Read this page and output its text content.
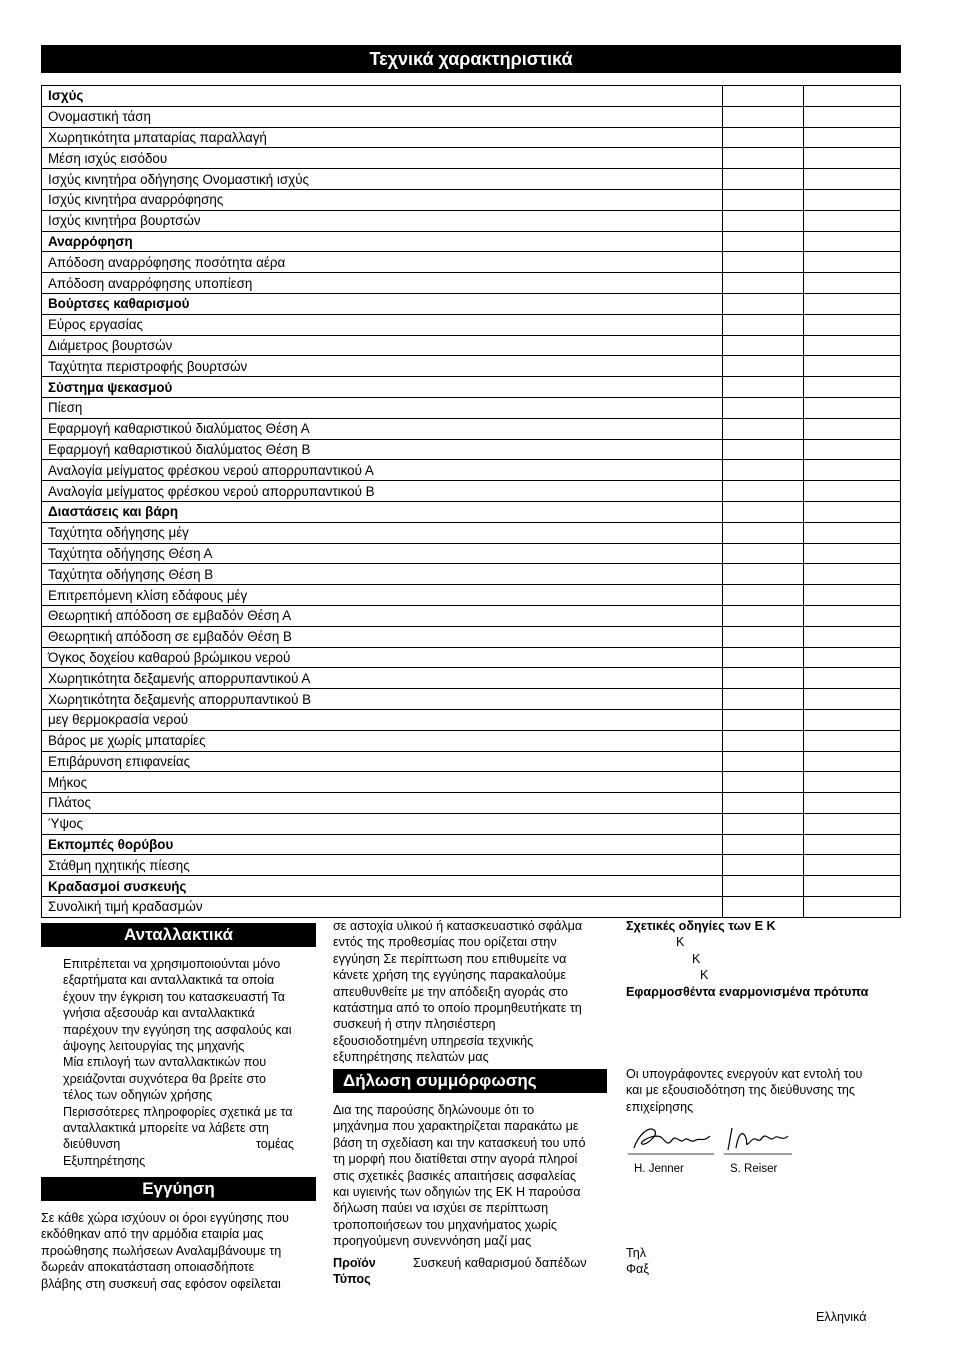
Τεχνικά χαρακτηριστικά
Ισχύς		
Ονομαστική τάση		
Χωρητικότητα μπαταρίας παραλλαγή		
Μέση ισχύς εισόδου		
Ισχύς κινητήρα οδήγησης Ονομαστική ισχύς		
Ισχύς κινητήρα αναρρόφησης		
Ισχύς κινητήρα βουρτσών		
Αναρρόφηση		
Απόδοση αναρρόφησης ποσότητα αέρα		
Απόδοση αναρρόφησης υποπίεση		
Βούρτσες καθαρισμού		
Εύρος εργασίας		
Διάμετρος βουρτσών		
Ταχύτητα περιστροφής βουρτσών		
Σύστημα ψεκασμού		
Πίεση		
Εφαρμογή καθαριστικού διαλύματος Θέση Α		
Εφαρμογή καθαριστικού διαλύματος Θέση Β		
Αναλογία μείγματος φρέσκου νερού απορρυπαντικού Α		
Αναλογία μείγματος φρέσκου νερού απορρυπαντικού Β		
Διαστάσεις και βάρη		
Ταχύτητα οδήγησης μέγ		
Ταχύτητα οδήγησης Θέση Α		
Ταχύτητα οδήγησης Θέση Β		
Επιτρεπόμενη κλίση εδάφους μέγ		
Θεωρητική απόδοση σε εμβαδόν Θέση Α		
Θεωρητική απόδοση σε εμβαδόν Θέση Β		
Όγκος δοχείου καθαρού βρώμικου νερού		
Χωρητικότητα δεξαμενής απορρυπαντικού Α		
Χωρητικότητα δεξαμενής απορρυπαντικού Β		
μεγ θερμοκρασία νερού		
Βάρος με χωρίς μπαταρίες		
Επιβάρυνση επιφανείας		
Μήκος		
Πλάτος		
Ύψος		
Εκπομπές θορύβου		
Στάθμη ηχητικής πίεσης		
Κραδασμοί συσκευής		
Συνολική τιμή κραδασμών		
Ανταλλακτικά
Επιτρέπεται να χρησιμοποιούνται μόνο
εξαρτήματα και ανταλλακτικά τα οποία
έχουν την έγκριση του κατασκευαστή Τα
γνήσια αξεσουάρ και ανταλλακτικά
παρέχουν την εγγύηση της ασφαλούς και
άψογης λειτουργίας της μηχανής
Μία επιλογή των ανταλλακτικών που
χρειάζονται συχνότερα θα βρείτε στο
τέλος των οδηγιών χρήσης
Περισσότερες πληροφορίες σχετικά με τα
ανταλλακτικά μπορείτε να λάβετε στη
διεύθυνση	τομέας
Εξυπηρέτησης
Εγγύηση
Σε κάθε χώρα ισχύουν οι όροι εγγύησης που
εκδόθηκαν από την αρμόδια εταιρία μας
προώθησης πωλήσεων Αναλαμβάνουμε τη
δωρεάν αποκατάσταση οποιασδήποτε
βλάβης στη συσκευή σας εφόσον οφείλεται
σε αστοχία υλικού ή κατασκευαστικό σφάλμα
εντός της προθεσμίας που ορίζεται στην
εγγύηση Σε περίπτωση που επιθυμείτε να
κάνετε χρήση της εγγύησης παρακαλούμε
απευθυνθείτε με την απόδειξη αγοράς στο
κατάστημα από το οποίο προμηθευτήκατε τη
συσκευή ή στην πλησιέστερη
εξουσιοδοτημένη υπηρεσία τεχνικής
εξυπηρέτησης πελατών μας
Δήλωση συμμόρφωσης
Δια της παρούσης δηλώνουμε ότι το
μηχάνημα που χαρακτηρίζεται παρακάτω με
βάση τη σχεδίαση και την κατασκευή του υπό
τη μορφή που διατίθεται στην αγορά πληροί
στις σχετικές βασικές απαιτήσεις ασφαλείας
και υγιεινής των οδηγιών της ΕΚ Η παρούσα
δήλωση παύει να ισχύει σε περίπτωση
τροποποιήσεων του μηχανήματος χωρίς
προηγούμενη συνεννόηση μαζί μας
Προϊόν	Συσκευή καθαρισμού δαπέδων
Τύπος
Σχετικές οδηγίες των Ε Κ
Κ
Κ
Κ
Εφαρμοσθέντα εναρμονισμένα πρότυπα
Οι υπογράφοντες ενεργούν κατ εντολή του
και με εξουσιοδότηση της διεύθυνσης της
επιχείρησης
H. Jenner	S. Reiser
Τηλ
Φαξ
Ελληνικά
